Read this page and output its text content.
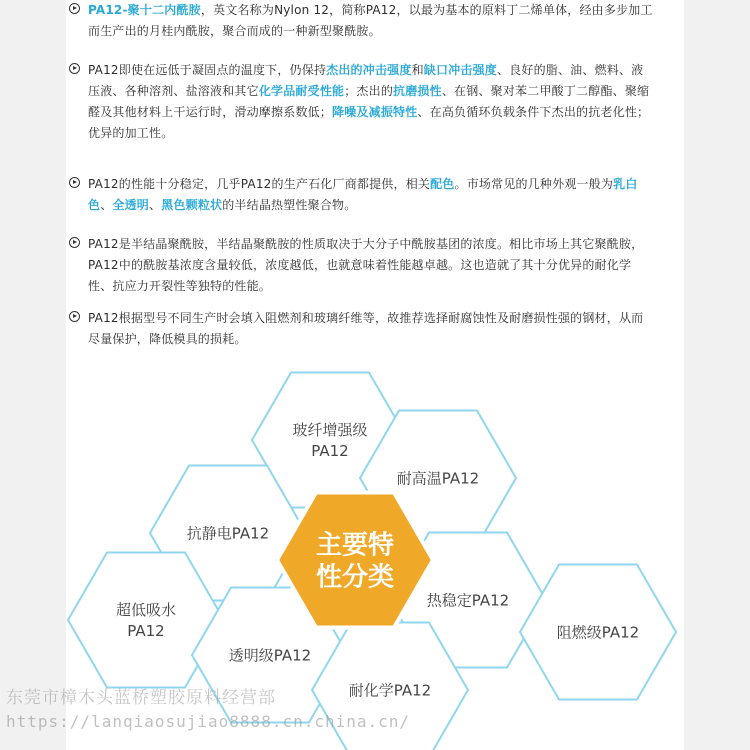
PA12-聚十二内酰胺，英文名称为Nylon 12，简称PA12，以最为基本的原料丁二烯单体，经由多步加工而生产出的月桂内酰胺，聚合而成的一种新型聚酰胺。
PA12即使在远低于凝固点的温度下，仍保持杰出的冲击强度和缺口冲击强度、良好的脂、油、燃料、液压液、各种溶剂、盐溶液和其它化学品耐受性能；杰出的抗磨损性、在钢、聚对苯二甲酸丁二醇酯、聚缩醛及其他材料上干运行时，滑动摩擦系数低；降噪及减振特性、在高负循环负载条件下杰出的抗老化性；优异的加工性。
PA12的性能十分稳定，几乎PA12的生产石化厂商都提供，相关配色。市场常见的几种外观一般为乳白色、全透明、黑色颗粒状的半结晶热塑性聚合物。
PA12是半结晶聚酰胺，半结晶聚酰胺的性质取决于大分子中酰胺基团的浓度。相比市场上其它聚酰胺，PA12中的酰胺基浓度含量较低，浓度越低，也就意味着性能越卓越。这也造就了其十分优异的耐化学性、抗应力开裂性等独特的性能。
PA12根据型号不同生产时会填入阻燃剂和玻璃纤维等，故推荐选择耐腐蚀性及耐磨损性强的钢材，从而尽量保护，降低模具的损耗。
玻纤增强级
PA12
耐高温PA12
抗静电PA12
热稳定PA12
超低吸水
PA12
透明级PA12
阻燃级PA12
耐化学PA12
主要特
性分类
东莞市樟木头蓝桥塑胶原料经营部
https://lanqiaosujiao8888.cn.china.cn/
